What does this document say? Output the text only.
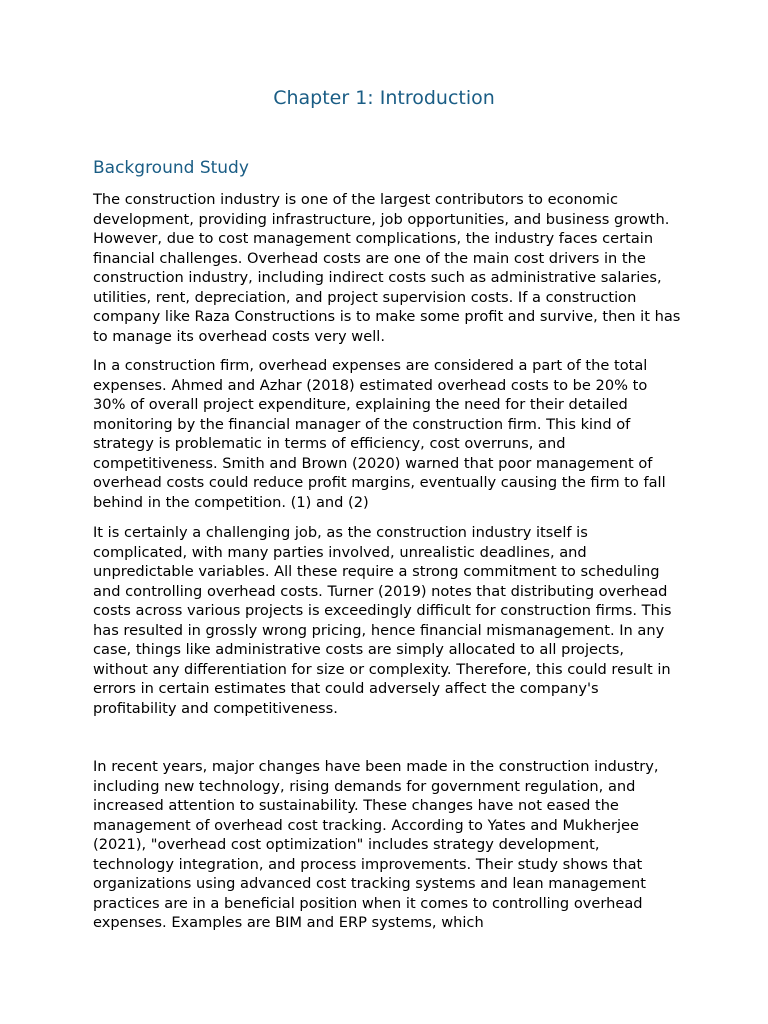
Chapter 1: Introduction
Background Study

The construction industry is one of the largest contributors to economic development, providing infrastructure, job opportunities, and business growth. However, due to cost management complications, the industry faces certain financial challenges. Overhead costs are one of the main cost drivers in the construction industry, including indirect costs such as administrative salaries, utilities, rent, depreciation, and project supervision costs. If a construction company like Raza Constructions is to make some profit and survive, then it has to manage its overhead costs very well.

In a construction firm, overhead expenses are considered a part of the total expenses. Ahmed and Azhar (2018) estimated overhead costs to be 20% to 30% of overall project expenditure, explaining the need for their detailed monitoring by the financial manager of the construction firm. This kind of strategy is problematic in terms of efficiency, cost overruns, and competitiveness. Smith and Brown (2020) warned that poor management of overhead costs could reduce profit margins, eventually causing the firm to fall behind in the competition. (1) and (2)

It is certainly a challenging job, as the construction industry itself is complicated, with many parties involved, unrealistic deadlines, and unpredictable variables. All these require a strong commitment to scheduling and controlling overhead costs. Turner (2019) notes that distributing overhead costs across various projects is exceedingly difficult for construction firms. This has resulted in grossly wrong pricing, hence financial mismanagement. In any case, things like administrative costs are simply allocated to all projects, without any differentiation for size or complexity. Therefore, this could result in errors in certain estimates that could adversely affect the company's profitability and competitiveness.

In recent years, major changes have been made in the construction industry, including new technology, rising demands for government regulation, and increased attention to sustainability. These changes have not eased the management of overhead cost tracking. According to Yates and Mukherjee (2021), "overhead cost optimization" includes strategy development, technology integration, and process improvements. Their study shows that organizations using advanced cost tracking systems and lean management practices are in a beneficial position when it comes to controlling overhead expenses. Examples are BIM and ERP systems, which
